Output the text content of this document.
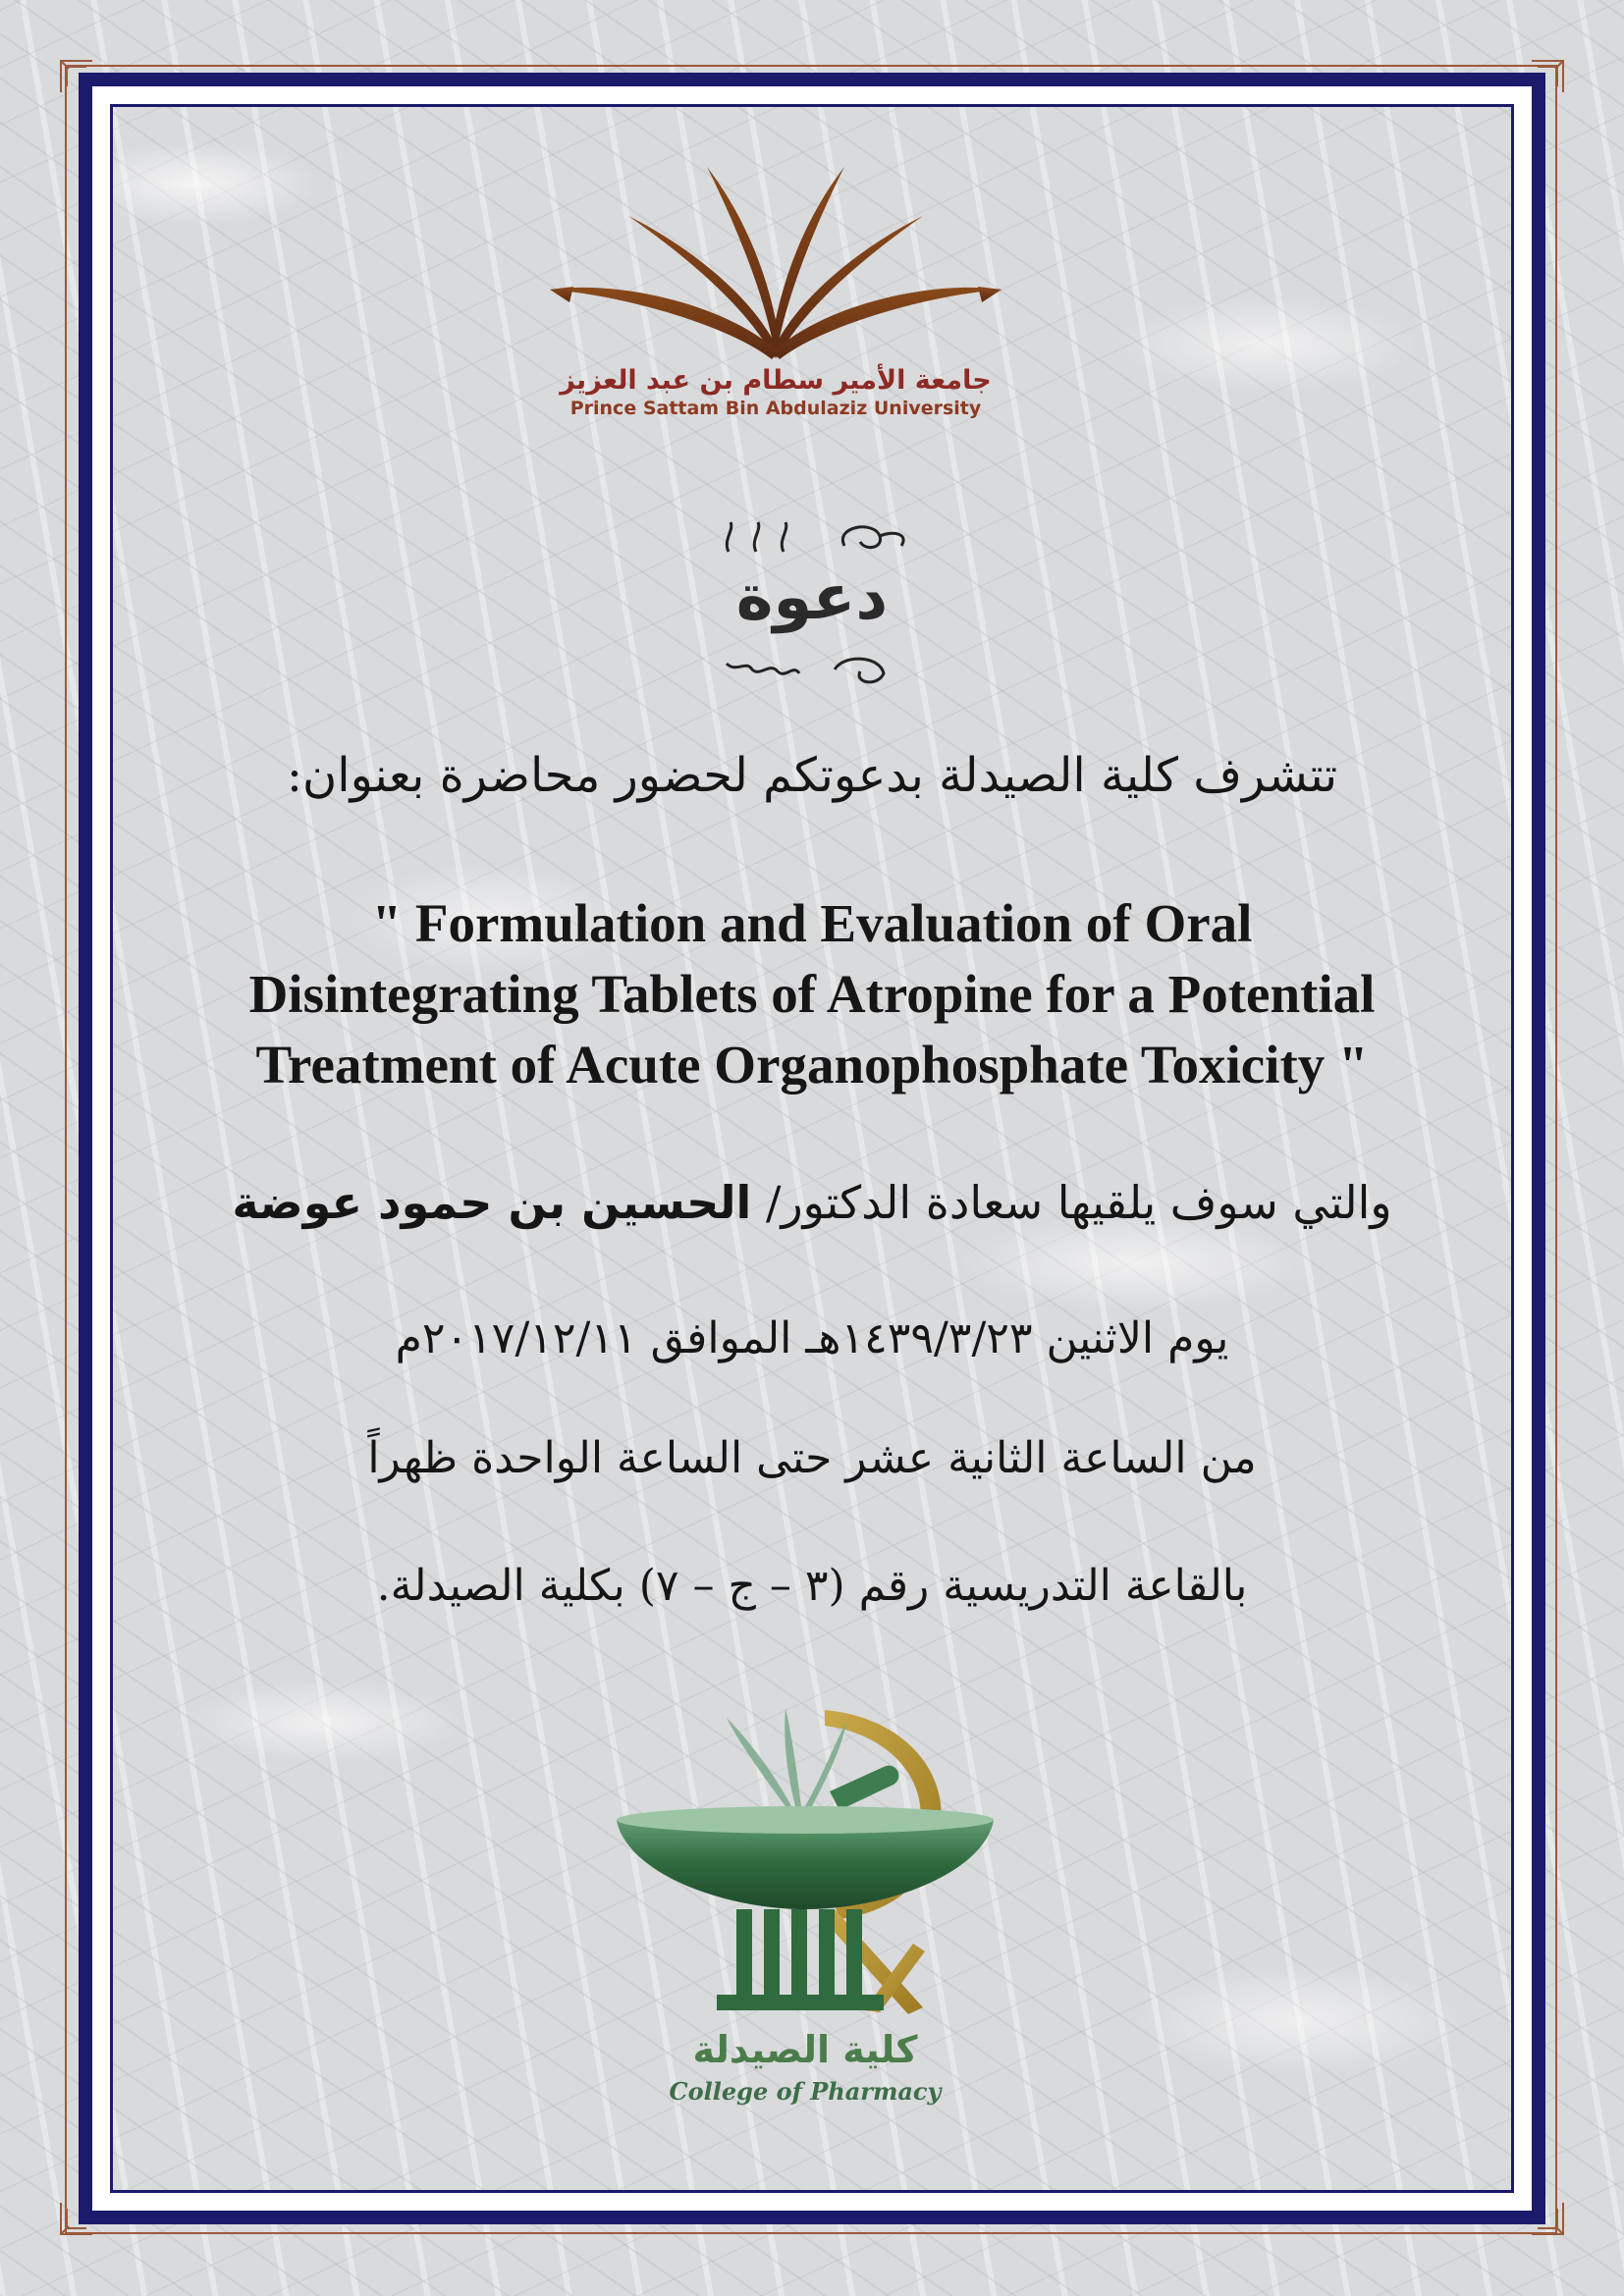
جامعة الأمير سطام بن عبد العزيز
Prince Sattam Bin Abdulaziz University
دعوة
تتشرف كلية الصيدلة بدعوتكم لحضور محاضرة بعنوان:
" Formulation and Evaluation of Oral
Disintegrating Tablets of Atropine for a Potential
Treatment of Acute Organophosphate Toxicity "
والتي سوف يلقيها سعادة الدكتور/ الحسين بن حمود عوضة
يوم الاثنين ١٤٣٩/٣/٢٣هـ الموافق ٢٠١٧/١٢/١١م
من الساعة الثانية عشر حتى الساعة الواحدة ظهراً
بالقاعة التدريسية رقم (٣ – ج – ٧) بكلية الصيدلة.
كلية الصيدلة
College of Pharmacy
